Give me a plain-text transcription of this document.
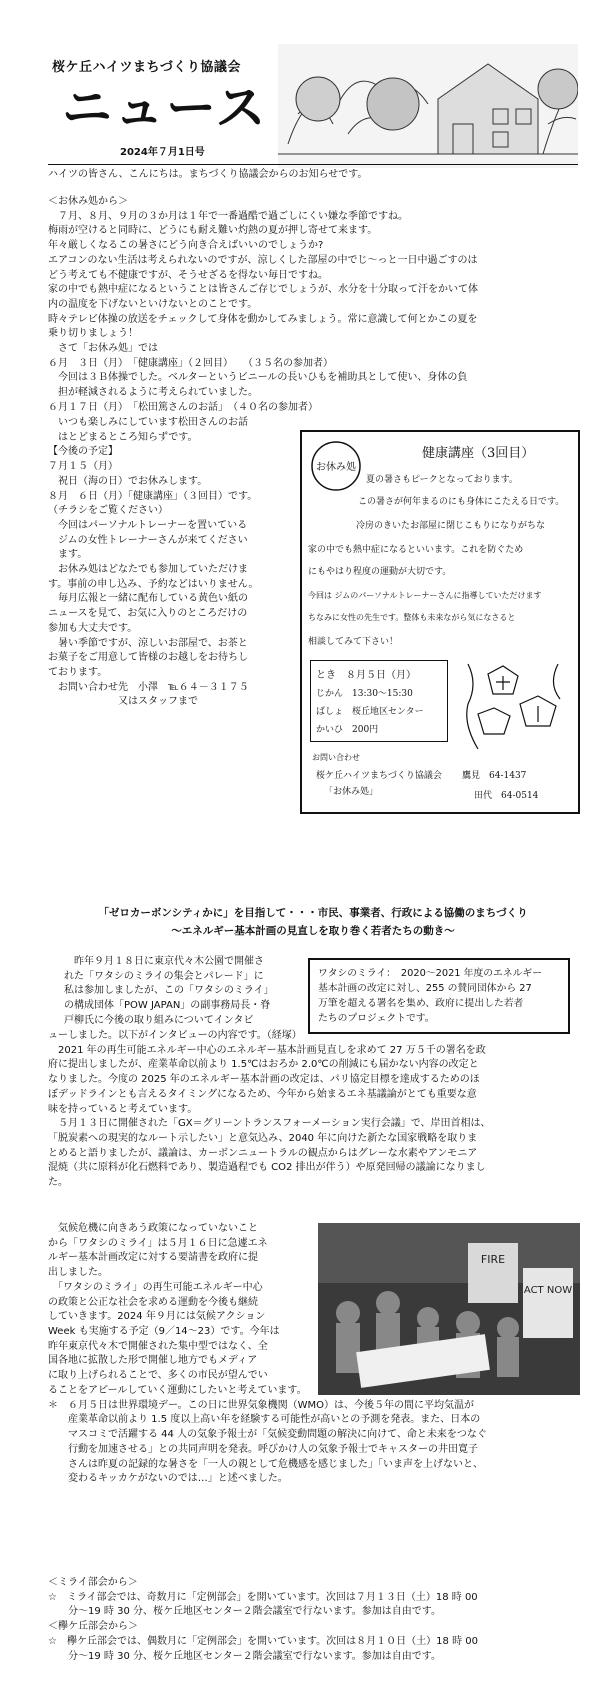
桜ケ丘ハイツまちづくり協議会
ニュース
2024年７月1日号

ハイツの皆さん、こんにちは。まちづくり協議会からのお知らせです。

＜お休み処から＞

　７月、８月、９月の３か月は１年で一番過酷で過ごしにくい嫌な季節ですね。

梅雨が空けると同時に、どうにも耐え難い灼熱の夏が押し寄せて来ます。

年々厳しくなるこの暑さにどう向き合えばいいのでしょうか?

エアコンのない生活は考えられないのですが、涼しくした部屋の中でじ～っと一日中過ごすのは

どう考えても不健康ですが、そうせざるを得ない毎日ですね。

家の中でも熱中症になるということは皆さんご存じでしょうが、水分を十分取って汗をかいて体

内の温度を下げないといけないとのことです。

時々テレビ体操の放送をチェックして身体を動かしてみましょう。常に意識して何とかこの夏を

乗り切りましょう！

　さて「お休み処」では

６月　３日（月）　「健康講座」（２回目）　　（３５名の参加者）

　今回は３Ｂ体操でした。ベルターというビニールの長いひもを補助具として使い、身体の負

　担が軽減されるように考えられていました。

６月１７日（月）　「松田篤さんのお話」　（４０名の参加者）

　いつも楽しみにしています松田さんのお話

　はとどまるところ知らずです。

【今後の予定】

７月１５（月）

　祝日（海の日）でお休みします。

８月　６日（月）「健康講座」（３回目）です。

（チラシをご覧ください）

　今回はパーソナルトレーナーを置いている

　ジムの女性トレーナーさんが来てください

　ます。

　お休み処はどなたでも参加していただけま

す。事前の申し込み、予約などはいりません。

　毎月広報と一緒に配布している黄色い紙の

ニュースを見て、お気に入りのところだけの

参加も大丈夫です。

　暑い季節ですが、涼しいお部屋で、お茶と

お菓子をご用意して皆様のお越しをお待ちし

ております。

　お問い合わせ先　小澤　℡６４－３１７５

　　　　　　　又はスタッフまで

お休み処
健康講座（3回目）
夏の暑さもピークとなっております。
この暑さが何年まるのにも身体にこたえる日です。
冷房のきいたお部屋に閉じこもりになりがちな
家の中でも熱中症になるといいます。これを防ぐため
にもやはり程度の運動が大切です。
今回は ジムのパーソナルトレーナーさんに指導していただけます
ちなみに女性の先生です。整体も未来ながら気になさると
相談してみて下さい！
とき　８月５日（月）
じかん　13:30～15:30
ばしょ　桜丘地区センター
かいひ　200円
お問い合わせ
桜ケ丘ハイツまちづくり協議会
「お休み処」
鷹見　64-1437
田代　64-0514
「ゼロカーボンシティかに」を目指して・・・市民、事業者、行政による協働のまちづくり
～エネルギー基本計画の見直しを取り巻く若者たちの動き～

　昨年９月１８日に東京代々木公園で開催さ

れた「ワタシのミライの集会とパレード」に

私は参加しましたが、この「ワタシのミライ」

の構成団体「POW JAPAN」の副事務局長・脊

戸柳氏に今後の取り組みについてインタビ

ワタシのミライ：　2020～2021 年度のエネルギー
基本計画の改定に対し、255 の賛同団体から 27
万筆を超える署名を集め、政府に提出した若者
たちのプロジェクトです。

ューしました。以下がインタビューの内容です。（経塚）

　2021 年の再生可能エネルギー中心のエネルギー基本計画見直しを求めて 27 万５千の署名を政

府に提出しましたが、産業革命以前より 1.5℃はおろか 2.0℃の削減にも届かない内容の改定と

なりました。今度の 2025 年のエネルギー基本計画の改定は、パリ協定目標を達成するためのほ

ぼデッドラインとも言えるタイミングになるため、今年から始まるエネ基議論がとても重要な意

味を持っていると考えています。

　５月１３日に開催された「GX＝グリーントランスフォーメーション実行会議」で、岸田首相は、

「脱炭素への現実的なルート示したい」と意気込み、2040 年に向けた新たな国家戦略を取りま

とめると語りましたが、議論は、カーボンニュートラルの観点からはグレーな水素やアンモニア

混焼（共に原料が化石燃料であり、製造過程でも CO2 排出が伴う）や原発回帰の議論になりまし

た。

　気候危機に向きあう政策になっていないこと

から「ワタシのミライ」は５月１６日に急遽エネ

ルギー基本計画改定に対する要請書を政府に提

出しました。

　「ワタシのミライ」の再生可能エネルギー中心

の政策と公正な社会を求める運動を今後も継続

していきます。2024 年９月には気候アクション

Week も実施する予定（9／14～23）です。今年は

昨年東京代々木で開催された集中型ではなく、全

国各地に拡散した形で開催し地方でもメディア

に取り上げられることで、多くの市民が望んでい

FIRE
ACT NOW

ることをアピールしていく運動にしたいと考えています。

＊　６月５日は世界環境デー。この日に世界気象機関（WMO）は、今後５年の間に平均気温が

　　産業革命以前より 1.5 度以上高い年を経験する可能性が高いとの予測を発表。また、日本の

　　マスコミで活躍する 44 人の気象予報士が「気候変動問題の解決に向けて、命と未来をつなぐ

　　行動を加速させる」との共同声明を発表。呼びかけ人の気象予報士でキャスターの井田寛子

　　さんは昨夏の記録的な暑さを「一人の親として危機感を感じました」「いま声を上げないと、

　　変わるキッカケがないのでは…」と述べました。

＜ミライ部会から＞

☆　ミライ部会では、奇数月に「定例部会」を開いています。次回は７月１３日（土）18 時 00

　　分～19 時 30 分、桜ケ丘地区センター２階会議室で行ないます。参加は自由です。

＜欅ケ丘部会から＞

☆　欅ケ丘部会では、偶数月に「定例部会」を開いています。次回は８月１０日（土）18 時 00

　　分～19 時 30 分、桜ケ丘地区センター２階会議室で行ないます。参加は自由です。
